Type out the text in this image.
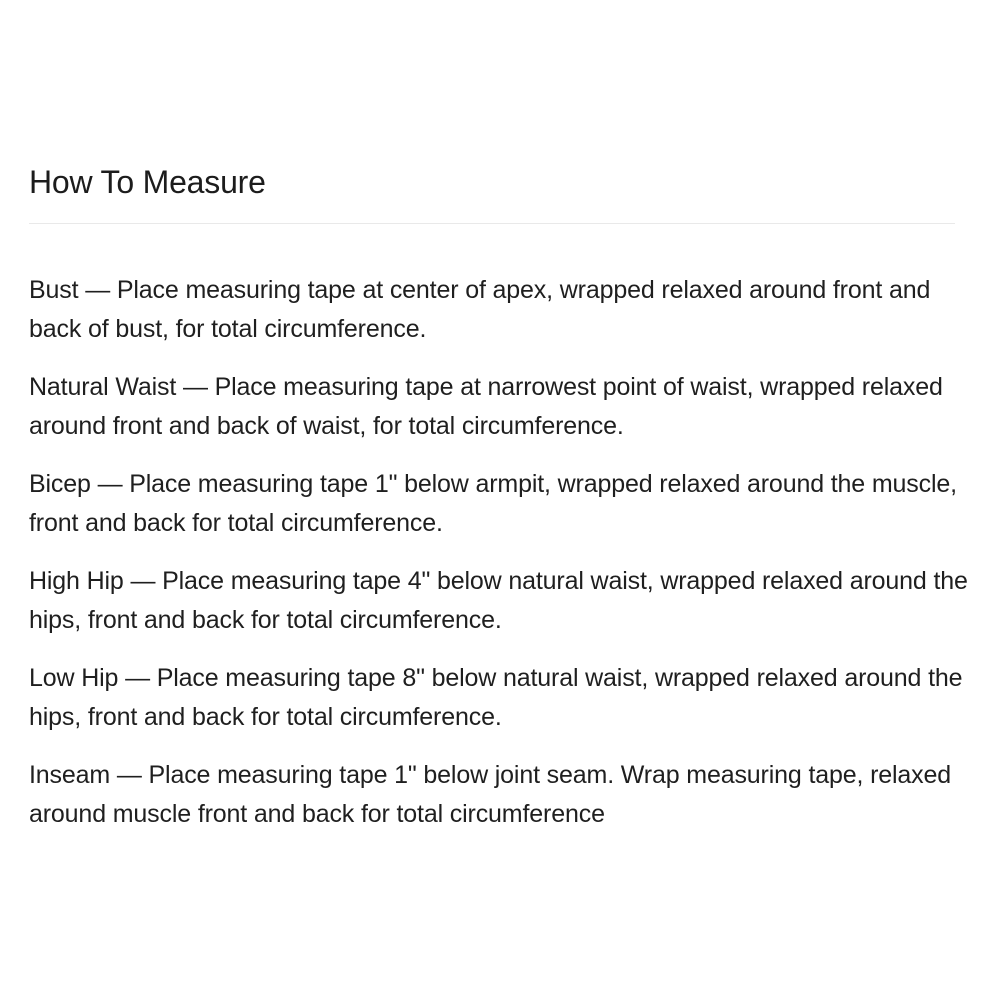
How To Measure
Bust — Place measuring tape at center of apex, wrapped relaxed around front and back of bust, for total circumference.
Natural Waist — Place measuring tape at narrowest point of waist, wrapped relaxed around front and back of waist, for total circumference.
Bicep — Place measuring tape 1" below armpit, wrapped relaxed around the muscle, front and back for total circumference.
High Hip — Place measuring tape 4" below natural waist, wrapped relaxed around the hips, front and back for total circumference.
Low Hip — Place measuring tape 8" below natural waist, wrapped relaxed around the hips, front and back for total circumference.
Inseam — Place measuring tape 1" below joint seam. Wrap measuring tape, relaxed around muscle front and back for total circumference
